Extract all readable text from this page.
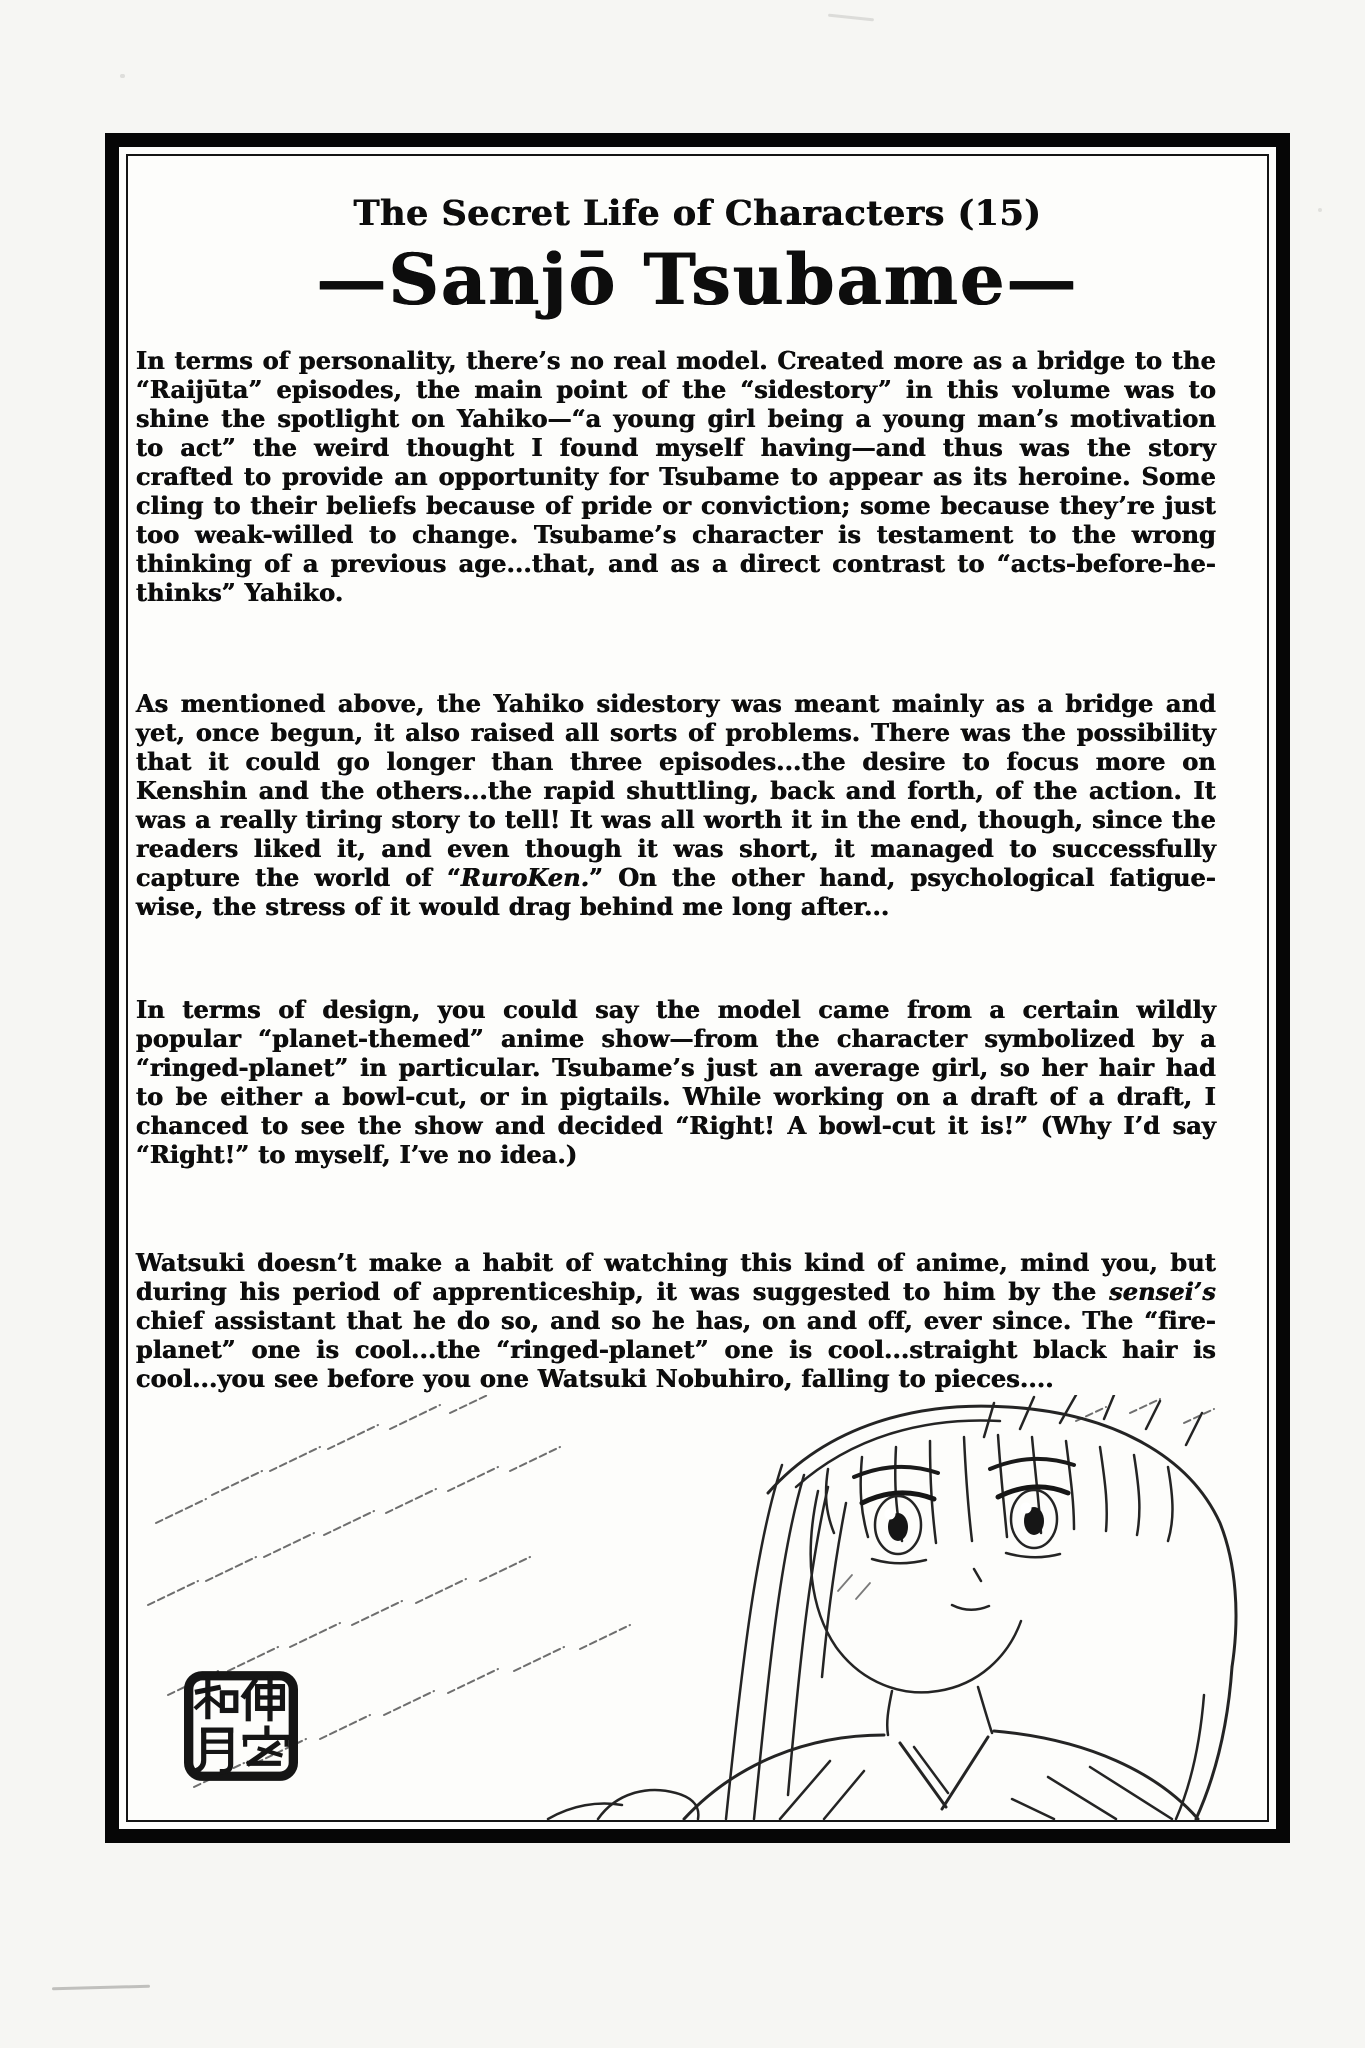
The Secret Life of Characters (15)
—Sanjō Tsubame—

In terms of personality, there’s no real model. Created more as a bridge to the “Raijūta” episodes, the main point of the “sidestory” in this volume was to shine the spotlight on Yahiko—“a young girl being a young man’s motivation to act” the weird thought I found myself having—and thus was the story crafted to provide an opportunity for Tsubame to appear as its heroine. Some cling to their beliefs because of pride or conviction; some because they’re just too weak-willed to change. Tsubame’s character is testament to the wrong thinking of a previous age...that, and as a direct contrast to “acts-before-he-thinks” Yahiko.

As mentioned above, the Yahiko sidestory was meant mainly as a bridge and yet, once begun, it also raised all sorts of problems. There was the possibility that it could go longer than three episodes...the desire to focus more on Kenshin and the others...the rapid shuttling, back and forth, of the action. It was a really tiring story to tell! It was all worth it in the end, though, since the readers liked it, and even though it was short, it managed to successfully capture the world of “RuroKen.” On the other hand, psychological fatigue-wise, the stress of it would drag behind me long after...

In terms of design, you could say the model came from a certain wildly popular “planet-themed” anime show—from the character symbolized by a “ringed-planet” in particular. Tsubame’s just an average girl, so her hair had to be either a bowl-cut, or in pigtails. While working on a draft of a draft, I chanced to see the show and decided “Right! A bowl-cut it is!” (Why I’d say “Right!” to myself, I’ve no idea.)

Watsuki doesn’t make a habit of watching this kind of anime, mind you, but during his period of apprenticeship, it was suggested to him by the sensei’s chief assistant that he do so, and so he has, on and off, ever since. The “fire-planet” one is cool...the “ringed-planet” one is cool...straight black hair is cool...you see before you one Watsuki Nobuhiro, falling to pieces....
